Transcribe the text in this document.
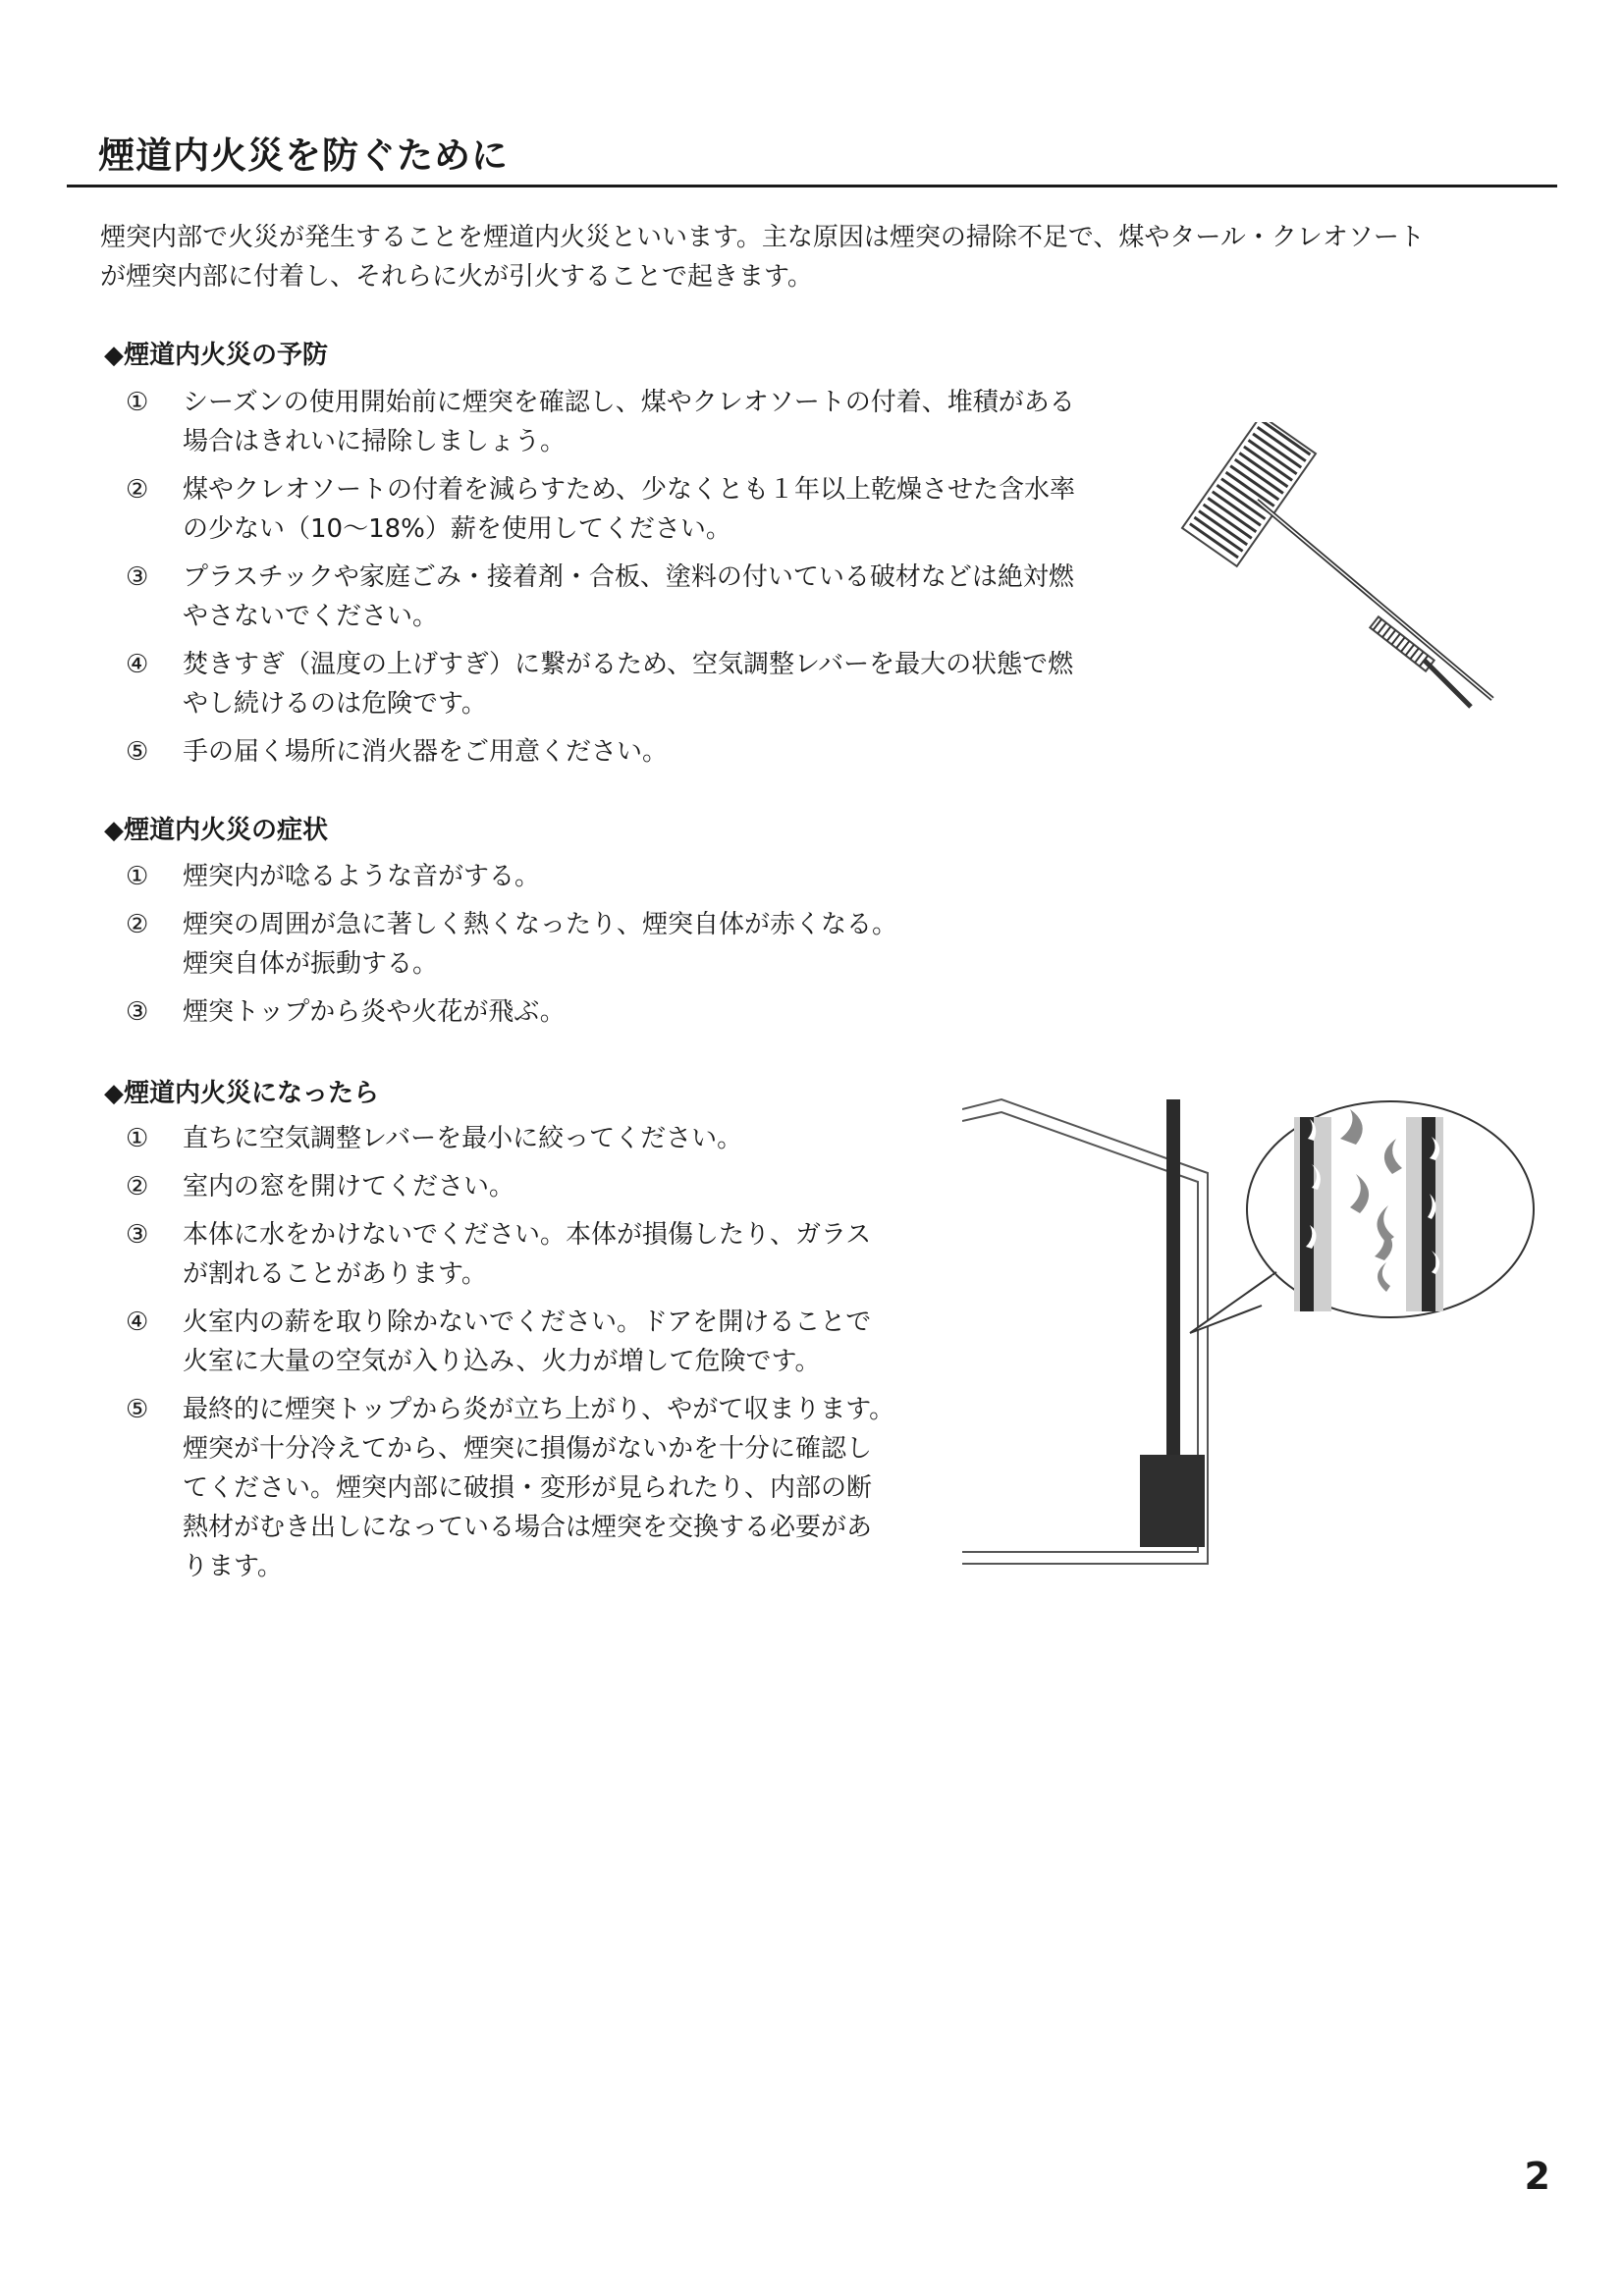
煙道内火災を防ぐために

煙突内部で火災が発生することを煙道内火災といいます。主な原因は煙突の掃除不足で、煤やタール・クレオソート

が煙突内部に付着し、それらに火が引火することで起きます。

◆煙道内火災の予防
①	シーズンの使用開始前に煙突を確認し、煤やクレオソートの付着、堆積がある

場合はきれいに掃除しましょう。

②	煤やクレオソートの付着を減らすため、少なくとも１年以上乾燥させた含水率

の少ない（10～18%）薪を使用してください。

③	プラスチックや家庭ごみ・接着剤・合板、塗料の付いている破材などは絶対燃

やさないでください。

④	焚きすぎ（温度の上げすぎ）に繋がるため、空気調整レバーを最大の状態で燃

やし続けるのは危険です。

⑤	手の届く場所に消火器をご用意ください。

◆煙道内火災の症状
①	煙突内が唸るような音がする。

②	煙突の周囲が急に著しく熱くなったり、煙突自体が赤くなる。

煙突自体が振動する。

③	煙突トップから炎や火花が飛ぶ。

◆煙道内火災になったら
①	直ちに空気調整レバーを最小に絞ってください。

②	室内の窓を開けてください。

③	本体に水をかけないでください。本体が損傷したり、ガラス

が割れることがあります。

④	火室内の薪を取り除かないでください。ドアを開けることで

火室に大量の空気が入り込み、火力が増して危険です。

⑤	最終的に煙突トップから炎が立ち上がり、やがて収まります。

煙突が十分冷えてから、煙突に損傷がないかを十分に確認し

てください。煙突内部に破損・変形が見られたり、内部の断

熱材がむき出しになっている場合は煙突を交換する必要があ

ります。

2
